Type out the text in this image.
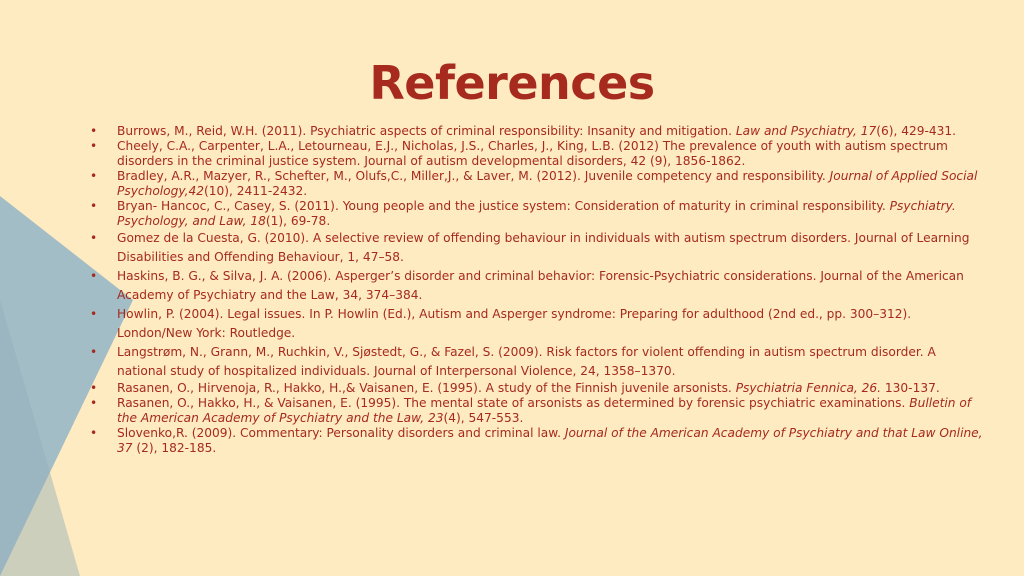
References
• Burrows, M., Reid, W.H. (2011). Psychiatric aspects of criminal responsibility: Insanity and mitigation. Law and Psychiatry, 17(6), 429-431.
• Cheely, C.A., Carpenter, L.A., Letourneau, E.J., Nicholas, J.S., Charles, J., King, L.B. (2012) The prevalence of youth with autism spectrum disorders in the criminal justice system. Journal of autism developmental disorders, 42 (9), 1856-1862.
• Bradley, A.R., Mazyer, R., Schefter, M., Olufs,C., Miller,J., & Laver, M. (2012). Juvenile competency and responsibility. Journal of Applied Social Psychology,42(10), 2411-2432.
• Bryan- Hancoc, C., Casey, S. (2011). Young people and the justice system: Consideration of maturity in criminal responsibility. Psychiatry. Psychology, and Law, 18(1), 69-78.
• Gomez de la Cuesta, G. (2010). A selective review of offending behaviour in individuals with autism spectrum disorders. Journal of Learning Disabilities and Offending Behaviour, 1, 47–58.
• Haskins, B. G., & Silva, J. A. (2006). Asperger’s disorder and criminal behavior: Forensic-Psychiatric considerations. Journal of the American Academy of Psychiatry and the Law, 34, 374–384.
• Howlin, P. (2004). Legal issues. In P. Howlin (Ed.), Autism and Asperger syndrome: Preparing for adulthood (2nd ed., pp. 300–312). London/New York: Routledge.
• Langstrøm, N., Grann, M., Ruchkin, V., Sjøstedt, G., & Fazel, S. (2009). Risk factors for violent offending in autism spectrum disorder. A national study of hospitalized individuals. Journal of Interpersonal Violence, 24, 1358–1370.
• Rasanen, O., Hirvenoja, R., Hakko, H.,& Vaisanen, E. (1995). A study of the Finnish juvenile arsonists. Psychiatria Fennica, 26. 130-137.
• Rasanen, O., Hakko, H., & Vaisanen, E. (1995). The mental state of arsonists as determined by forensic psychiatric examinations. Bulletin of the American Academy of Psychiatry and the Law, 23(4), 547-553.
• Slovenko,R. (2009). Commentary: Personality disorders and criminal law. Journal of the American Academy of Psychiatry and that Law Online, 37 (2), 182-185.
